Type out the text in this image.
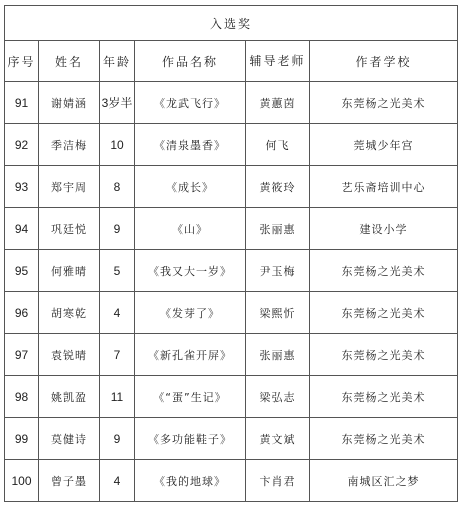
入选奖					
序号	姓名	年龄	作品名称	辅导老师	作者学校
91	谢婧涵	3岁半	《龙武飞行》	黄蕙茵	东莞杨之光美术
92	季洁梅	10	《清泉墨香》	何飞	莞城少年宫
93	郑宇周	8	《成长》	黄筱玲	艺乐斋培训中心
94	巩廷悦	9	《山》	张丽惠	建设小学
95	何雅晴	5	《我又大一岁》	尹玉梅	东莞杨之光美术
96	胡寒乾	4	《发芽了》	梁熙忻	东莞杨之光美术
97	袁锐晴	7	《新孔雀开屏》	张丽惠	东莞杨之光美术
98	姚凯盈	11	《“蛋”生记》	梁弘志	东莞杨之光美术
99	莫健诗	9	《多功能鞋子》	黄文斌	东莞杨之光美术
100	曾子墨	4	《我的地球》	卞肖君	南城区汇之梦
